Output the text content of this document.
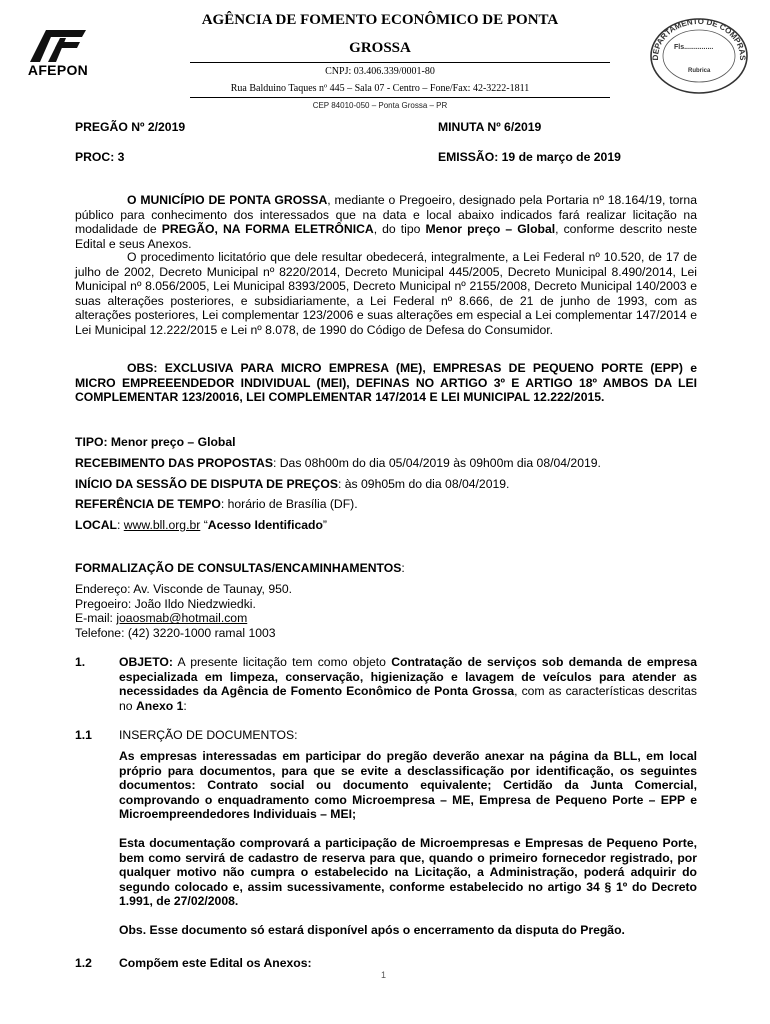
AFEPON
AGÊNCIA DE FOMENTO ECONÔMICO DE PONTA
GROSSA
CNPJ: 03.406.339/0001-80
Rua Balduino Taques nº 445 – Sala 07 - Centro – Fone/Fax: 42-3222-1811
CEP 84010-050 – Ponta Grossa – PR
DEPARTAMENTO DE COMPRAS
Fls...............
Rubrica
PREGÃO Nº 2/2019	MINUTA Nº 6/2019
PROC: 3	EMISSÃO: 19 de março de 2019
O MUNICÍPIO DE PONTA GROSSA, mediante o Pregoeiro, designado pela Portaria nº 18.164/19, torna público para conhecimento dos interessados que na data e local abaixo indicados fará realizar licitação na modalidade de PREGÃO, NA FORMA ELETRÔNICA, do tipo Menor preço – Global, conforme descrito neste Edital e seus Anexos.
O procedimento licitatório que dele resultar obedecerá, integralmente, a Lei Federal nº 10.520, de 17 de julho de 2002, Decreto Municipal nº 8220/2014, Decreto Municipal 445/2005, Decreto Municipal 8.490/2014, Lei Municipal nº 8.056/2005, Lei Municipal 8393/2005, Decreto Municipal nº 2155/2008, Decreto Municipal 140/2003 e suas alterações posteriores, e subsidiariamente, a Lei Federal nº 8.666, de 21 de junho de 1993, com as alterações posteriores, Lei complementar 123/2006 e suas alterações em especial a Lei complementar 147/2014 e Lei Municipal 12.222/2015 e Lei nº 8.078, de 1990 do Código de Defesa do Consumidor.
OBS: EXCLUSIVA PARA MICRO EMPRESA (ME), EMPRESAS DE PEQUENO PORTE (EPP) e MICRO EMPREEENDEDOR INDIVIDUAL (MEI), DEFINAS NO ARTIGO 3º E ARTIGO 18º AMBOS DA LEI COMPLEMENTAR 123/20016, LEI COMPLEMENTAR 147/2014 E LEI MUNICIPAL 12.222/2015.
TIPO: Menor preço – Global
RECEBIMENTO DAS PROPOSTAS: Das 08h00m do dia 05/04/2019 às 09h00m dia 08/04/2019.
INÍCIO DA SESSÃO DE DISPUTA DE PREÇOS: às 09h05m do dia 08/04/2019.
REFERÊNCIA DE TEMPO: horário de Brasília (DF).
LOCAL: www.bll.org.br “Acesso Identificado”
FORMALIZAÇÃO DE CONSULTAS/ENCAMINHAMENTOS:
Endereço: Av. Visconde de Taunay, 950.
Pregoeiro: João Ildo Niedzwiedki.
E-mail: joaosmab@hotmail.com
Telefone: (42) 3220-1000 ramal 1003
1.	OBJETO: A presente licitação tem como objeto Contratação de serviços sob demanda de empresa especializada em limpeza, conservação, higienização e lavagem de veículos para atender as necessidades da Agência de Fomento Econômico de Ponta Grossa, com as características descritas no Anexo 1:
1.1 INSERÇÃO DE DOCUMENTOS:
As empresas interessadas em participar do pregão deverão anexar na página da BLL, em local próprio para documentos, para que se evite a desclassificação por identificação, os seguintes documentos: Contrato social ou documento equivalente; Certidão da Junta Comercial, comprovando o enquadramento como Microempresa – ME, Empresa de Pequeno Porte – EPP e Microempreendedores Individuais – MEI;
Esta documentação comprovará a participação de Microempresas e Empresas de Pequeno Porte, bem como servirá de cadastro de reserva para que, quando o primeiro fornecedor registrado, por qualquer motivo não cumpra o estabelecido na Licitação, a Administração, poderá adquirir do segundo colocado e, assim sucessivamente, conforme estabelecido no artigo 34 § 1º do Decreto 1.991, de 27/02/2008.
Obs. Esse documento só estará disponível após o encerramento da disputa do Pregão.
1.2 Compõem este Edital os Anexos:
1
